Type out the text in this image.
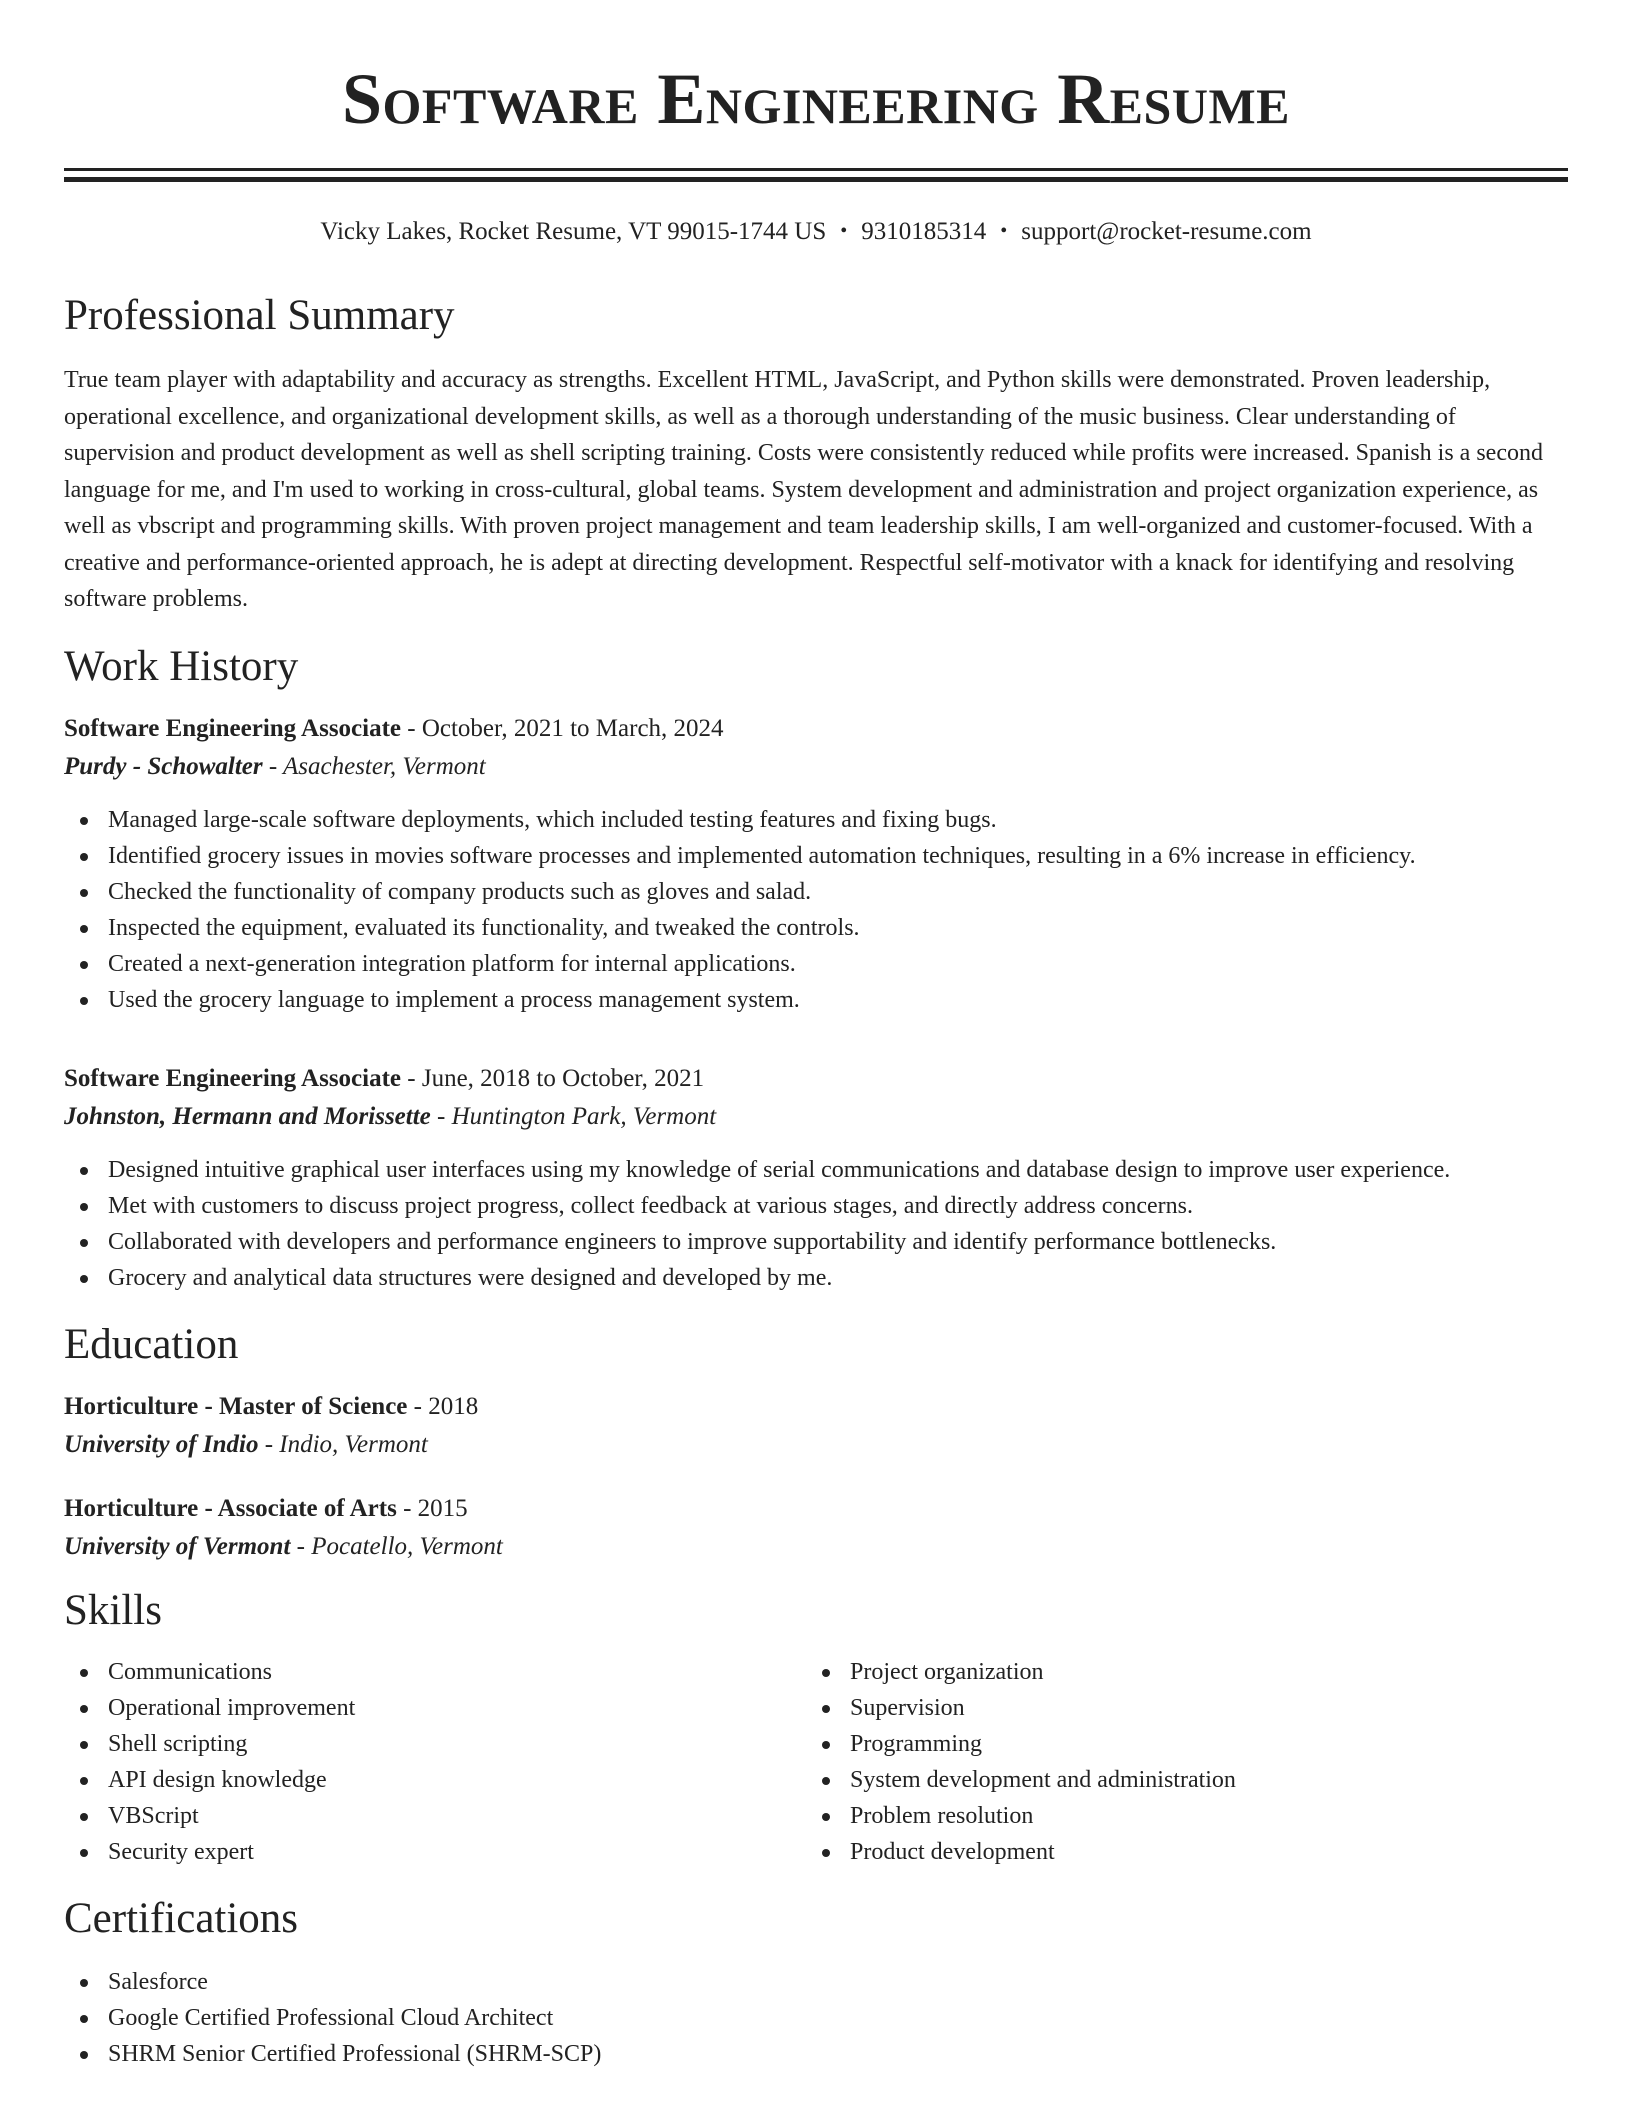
Software Engineering Resume
Vicky Lakes, Rocket Resume, VT 99015-1744 US • 9310185314 • support@rocket-resume.com
Professional Summary

True team player with adaptability and accuracy as strengths. Excellent HTML, JavaScript, and Python skills were demonstrated. Proven leadership, operational excellence, and organizational development skills, as well as a thorough understanding of the music business. Clear understanding of supervision and product development as well as shell scripting training. Costs were consistently reduced while profits were increased. Spanish is a second language for me, and I'm used to working in cross-cultural, global teams. System development and administration and project organization experience, as well as vbscript and programming skills. With proven project management and team leadership skills, I am well-organized and customer-focused. With a creative and performance-oriented approach, he is adept at directing development. Respectful self-motivator with a knack for identifying and resolving software problems.

Work History
Software Engineering Associate - October, 2021 to March, 2024
Purdy - Schowalter - Asachester, Vermont
Managed large-scale software deployments, which included testing features and fixing bugs.
Identified grocery issues in movies software processes and implemented automation techniques, resulting in a 6% increase in efficiency.
Checked the functionality of company products such as gloves and salad.
Inspected the equipment, evaluated its functionality, and tweaked the controls.
Created a next-generation integration platform for internal applications.
Used the grocery language to implement a process management system.
Software Engineering Associate - June, 2018 to October, 2021
Johnston, Hermann and Morissette - Huntington Park, Vermont
Designed intuitive graphical user interfaces using my knowledge of serial communications and database design to improve user experience.
Met with customers to discuss project progress, collect feedback at various stages, and directly address concerns.
Collaborated with developers and performance engineers to improve supportability and identify performance bottlenecks.
Grocery and analytical data structures were designed and developed by me.
Education
Horticulture - Master of Science - 2018
University of Indio - Indio, Vermont
Horticulture - Associate of Arts - 2015
University of Vermont - Pocatello, Vermont
Skills
Communications
Operational improvement
Shell scripting
API design knowledge
VBScript
Security expert
Project organization
Supervision
Programming
System development and administration
Problem resolution
Product development
Certifications
Salesforce
Google Certified Professional Cloud Architect
SHRM Senior Certified Professional (SHRM-SCP)
